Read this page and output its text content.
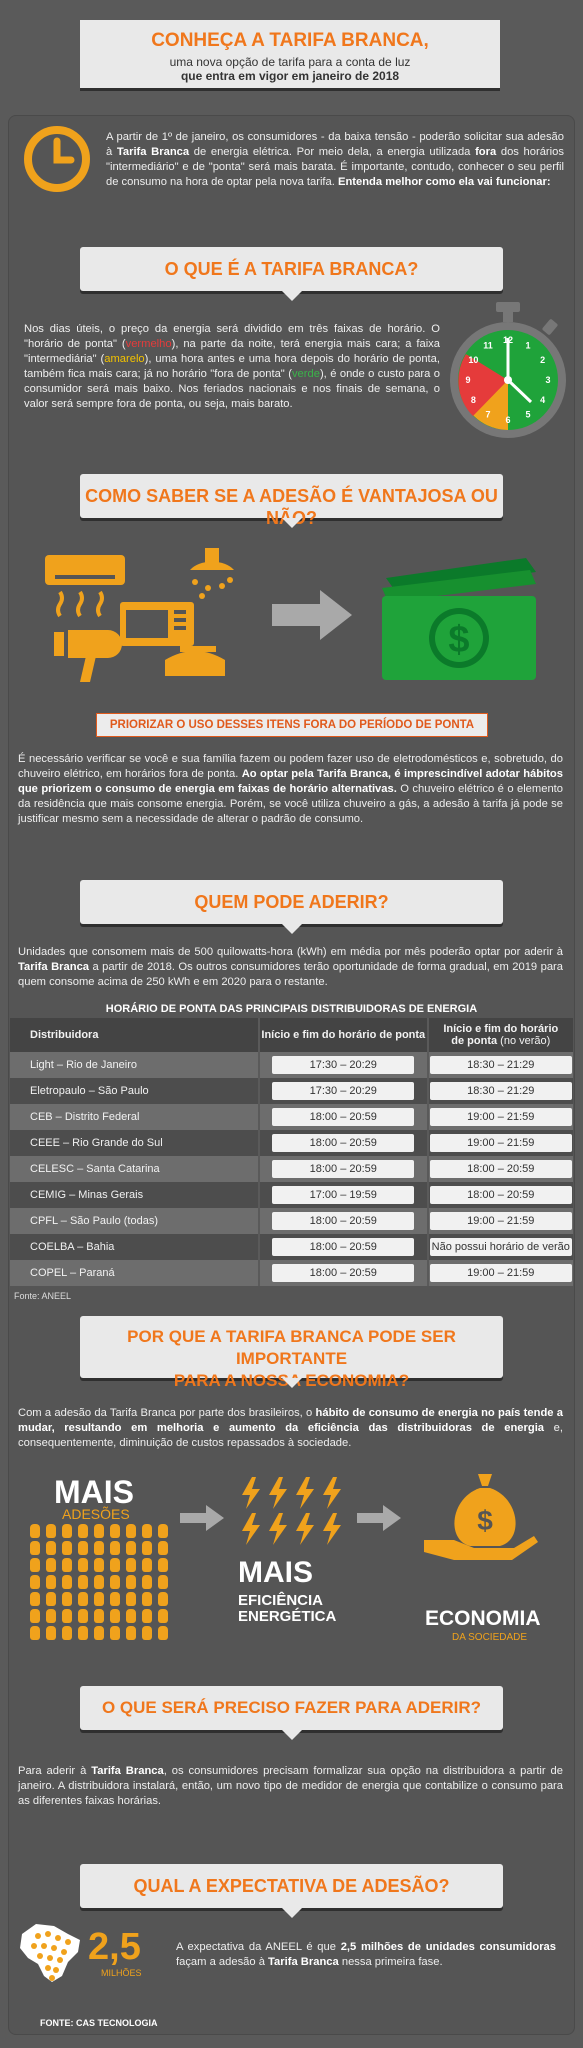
CONHEÇA A TARIFA BRANCA,
uma nova opção de tarifa para a conta de luz
que entra em vigor em janeiro de 2018
A partir de 1º de janeiro, os consumidores - da baixa tensão - poderão solicitar sua adesão à Tarifa Branca de energia elétrica. Por meio dela, a energia utilizada fora dos horários "intermediário" e de "ponta" será mais barata. É importante, contudo, conhecer o seu perfil de consumo na hora de optar pela nova tarifa. Entenda melhor como ela vai funcionar:
O QUE É A TARIFA BRANCA?
Nos dias úteis, o preço da energia será dividido em três faixas de horário. O "horário de ponta" (vermelho), na parte da noite, terá energia mais cara; a faixa "intermediária" (amarelo), uma hora antes e uma hora depois do horário de ponta, também fica mais cara; já no horário "fora de ponta" (verde), é onde o custo para o consumidor será mais baixo. Nos feriados nacionais e nos finais de semana, o valor será sempre fora de ponta, ou seja, mais barato.
12
1
2
3
4
5
6
7
8
9
10
11
COMO SABER SE A ADESÃO É VANTAJOSA OU NÃO?
$
PRIORIZAR O USO DESSES ITENS FORA DO PERÍODO DE PONTA
É necessário verificar se você e sua família fazem ou podem fazer uso de eletrodomésticos e, sobretudo, do chuveiro elétrico, em horários fora de ponta. Ao optar pela Tarifa Branca, é imprescindível adotar hábitos que priorizem o consumo de energia em faixas de horário alternativas. O chuveiro elétrico é o elemento da residência que mais consome energia. Porém, se você utiliza chuveiro a gás, a adesão à tarifa já pode se justificar mesmo sem a necessidade de alterar o padrão de consumo.
QUEM PODE ADERIR?
Unidades que consomem mais de 500 quilowatts-hora (kWh) em média por mês poderão optar por aderir à Tarifa Branca a partir de 2018. Os outros consumidores terão oportunidade de forma gradual, em 2019 para quem consome acima de 250 kWh e em 2020 para o restante.
HORÁRIO DE PONTA DAS PRINCIPAIS DISTRIBUIDORAS DE ENERGIA
Distribuidora	Início e fim do horário de ponta	Início e fim do horário
de ponta (no verão)
Light – Rio de Janeiro	17:30 – 20:29	18:30 – 21:29
Eletropaulo – São Paulo	17:30 – 20:29	18:30 – 21:29
CEB – Distrito Federal	18:00 – 20:59	19:00 – 21:59
CEEE – Rio Grande do Sul	18:00 – 20:59	19:00 – 21:59
CELESC – Santa Catarina	18:00 – 20:59	18:00 – 20:59
CEMIG – Minas Gerais	17:00 – 19:59	18:00 – 20:59
CPFL – São Paulo (todas)	18:00 – 20:59	19:00 – 21:59
COELBA – Bahia	18:00 – 20:59	Não possui horário de verão
COPEL – Paraná	18:00 – 20:59	19:00 – 21:59
Fonte: ANEEL
POR QUE A TARIFA BRANCA PODE SER IMPORTANTE
PARA A NOSSA ECONOMIA?
Com a adesão da Tarifa Branca por parte dos brasileiros, o hábito de consumo de energia no país tende a mudar, resultando em melhoria e aumento da eficiência das distribuidoras de energia e, consequentemente, diminuição de custos repassados à sociedade.
MAIS
ADESÕES
MAIS
EFICIÊNCIA
ENERGÉTICA
$
ECONOMIA
DA SOCIEDADE
O QUE SERÁ PRECISO FAZER PARA ADERIR?
Para aderir à Tarifa Branca, os consumidores precisam formalizar sua opção na distribuidora a partir de janeiro. A distribuidora instalará, então, um novo tipo de medidor de energia que contabilize o consumo para as diferentes faixas horárias.
QUAL A EXPECTATIVA DE ADESÃO?
2,5
MILHÕES
A expectativa da ANEEL é que 2,5 milhões de unidades consumidoras façam a adesão à Tarifa Branca nessa primeira fase.
FONTE: CAS TECNOLOGIA
